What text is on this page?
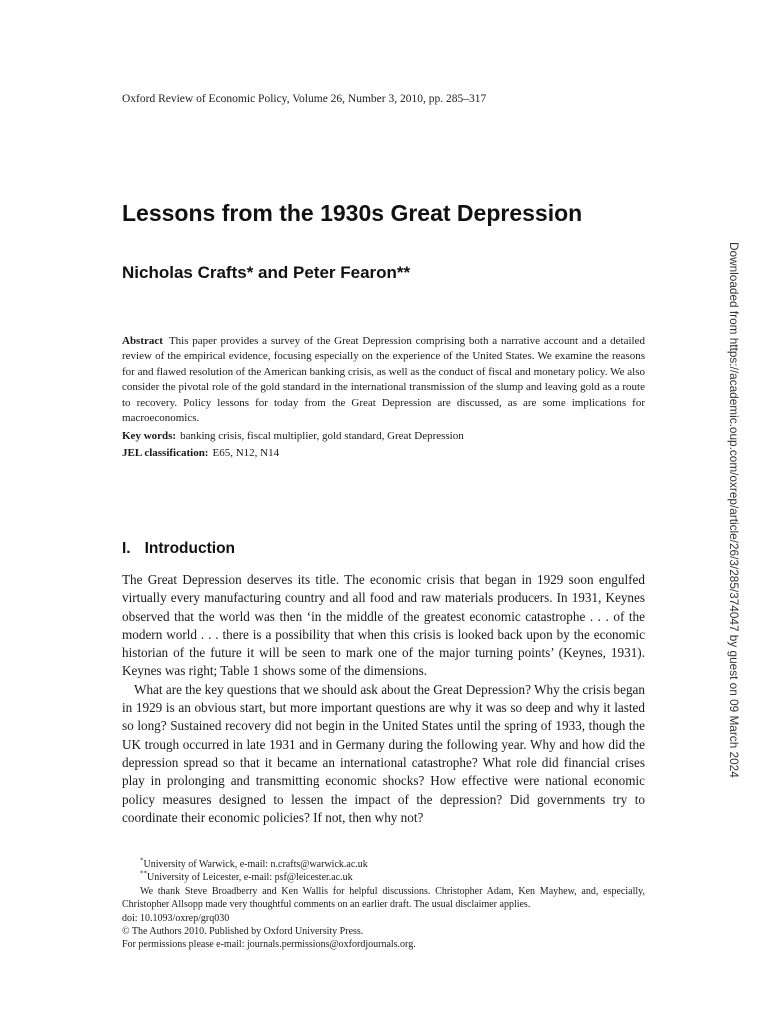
Oxford Review of Economic Policy, Volume 26, Number 3, 2010, pp. 285–317
Lessons from the 1930s Great Depression
Nicholas Crafts* and Peter Fearon**
Abstract This paper provides a survey of the Great Depression comprising both a narrative account and a detailed review of the empirical evidence, focusing especially on the experience of the United States. We examine the reasons for and flawed resolution of the American banking crisis, as well as the conduct of fiscal and monetary policy. We also consider the pivotal role of the gold standard in the international transmission of the slump and leaving gold as a route to recovery. Policy lessons for today from the Great Depression are discussed, as are some implications for macroeconomics.
Key words: banking crisis, fiscal multiplier, gold standard, Great Depression
JEL classification: E65, N12, N14
I. Introduction

The Great Depression deserves its title. The economic crisis that began in 1929 soon engulfed virtually every manufacturing country and all food and raw materials producers. In 1931, Keynes observed that the world was then ‘in the middle of the greatest economic catastrophe . . . of the modern world . . . there is a possibility that when this crisis is looked back upon by the economic historian of the future it will be seen to mark one of the major turning points’ (Keynes, 1931). Keynes was right; Table 1 shows some of the dimensions.

What are the key questions that we should ask about the Great Depression? Why the crisis began in 1929 is an obvious start, but more important questions are why it was so deep and why it lasted so long? Sustained recovery did not begin in the United States until the spring of 1933, though the UK trough occurred in late 1931 and in Germany during the following year. Why and how did the depression spread so that it became an international catastrophe? What role did financial crises play in prolonging and transmitting economic shocks? How effective were national economic policy measures designed to lessen the impact of the depression? Did governments try to coordinate their economic policies? If not, then why not?

*University of Warwick, e-mail: n.crafts@warwick.ac.uk
**University of Leicester, e-mail: psf@leicester.ac.uk
We thank Steve Broadberry and Ken Wallis for helpful discussions. Christopher Adam, Ken Mayhew, and, especially, Christopher Allsopp made very thoughtful comments on an earlier draft. The usual disclaimer applies.
doi: 10.1093/oxrep/grq030
© The Authors 2010. Published by Oxford University Press.
For permissions please e-mail: journals.permissions@oxfordjournals.org.
Downloaded from https://academic.oup.com/oxrep/article/26/3/285/374047 by guest on 09 March 2024
